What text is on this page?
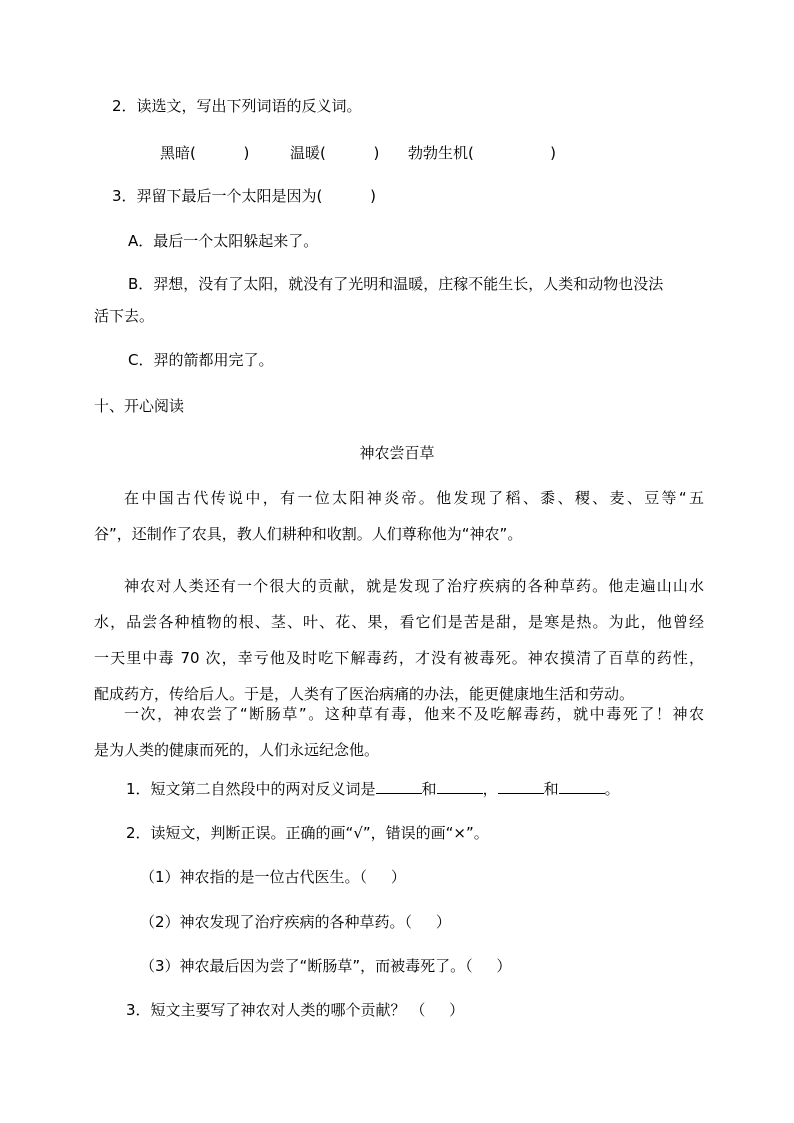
2．读选文，写出下列词语的反义词。
黑暗(          )	温暖(          ) 勃勃生机(                )
3．羿留下最后一个太阳是因为(          )
A．最后一个太阳躲起来了。
B．羿想，没有了太阳，就没有了光明和温暖，庄稼不能生长，人类和动物也没法
活下去。
C．羿的箭都用完了。
十、开心阅读
神农尝百草
在中国古代传说中，有一位太阳神炎帝。他发现了稻、黍、稷、麦、豆等“五
谷”，还制作了农具，教人们耕种和收割。人们尊称他为“神农”。
神农对人类还有一个很大的贡献，就是发现了治疗疾病的各种草药。他走遍山山水
水，品尝各种植物的根、茎、叶、花、果，看它们是苦是甜，是寒是热。为此，他曾经
一天里中毒 70 次，幸亏他及时吃下解毒药，才没有被毒死。神农摸清了百草的药性，
配成药方，传给后人。于是，人类有了医治病痛的办法，能更健康地生活和劳动。
一次，神农尝了“断肠草”。这种草有毒，他来不及吃解毒药，就中毒死了！神农
是为人类的健康而死的，人们永远纪念他。
1．短文第二自然段中的两对反义词是	和	，	和	。
2．读短文，判断正误。正确的画“√”，错误的画“×”。
（1）神农指的是一位古代医生。（     ）
（2）神农发现了治疗疾病的各种草药。（     ）
（3）神农最后因为尝了“断肠草”，而被毒死了。（     ）
3．短文主要写了神农对人类的哪个贡献？ （     ）
